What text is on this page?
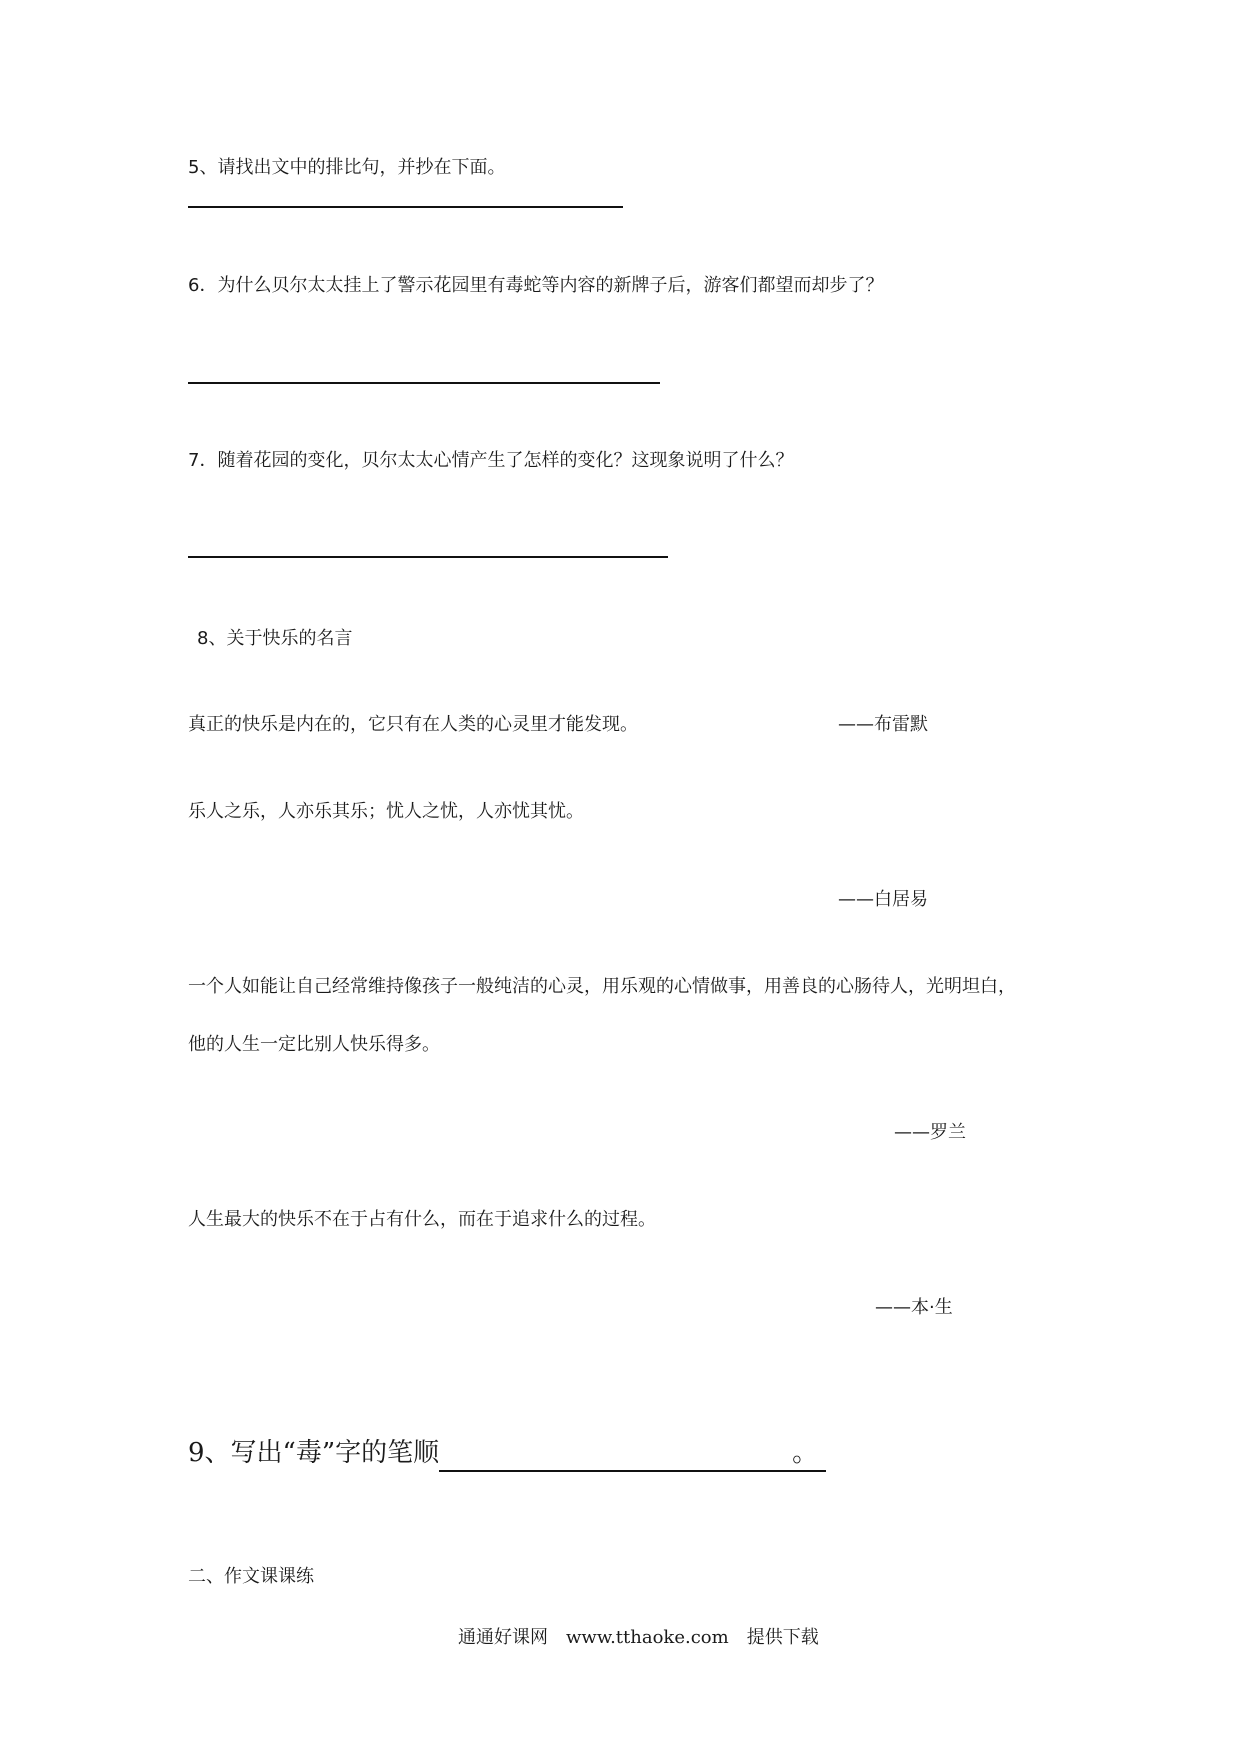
5、请找出文中的排比句，并抄在下面。
6．为什么贝尔太太挂上了警示花园里有毒蛇等内容的新牌子后，游客们都望而却步了？
7．随着花园的变化，贝尔太太心情产生了怎样的变化？这现象说明了什么？
8、关于快乐的名言
真正的快乐是内在的，它只有在人类的心灵里才能发现。	——布雷默
乐人之乐，人亦乐其乐；忧人之忧，人亦忧其忧。
——白居易
一个人如能让自己经常维持像孩子一般纯洁的心灵，用乐观的心情做事，用善良的心肠待人，光明坦白，
他的人生一定比别人快乐得多。
——罗兰
人生最大的快乐不在于占有什么，而在于追求什么的过程。
——本·生
9、写出“毒”字的笔顺	。
二、作文课课练
通通好课网　www.tthaoke.com　提供下载
